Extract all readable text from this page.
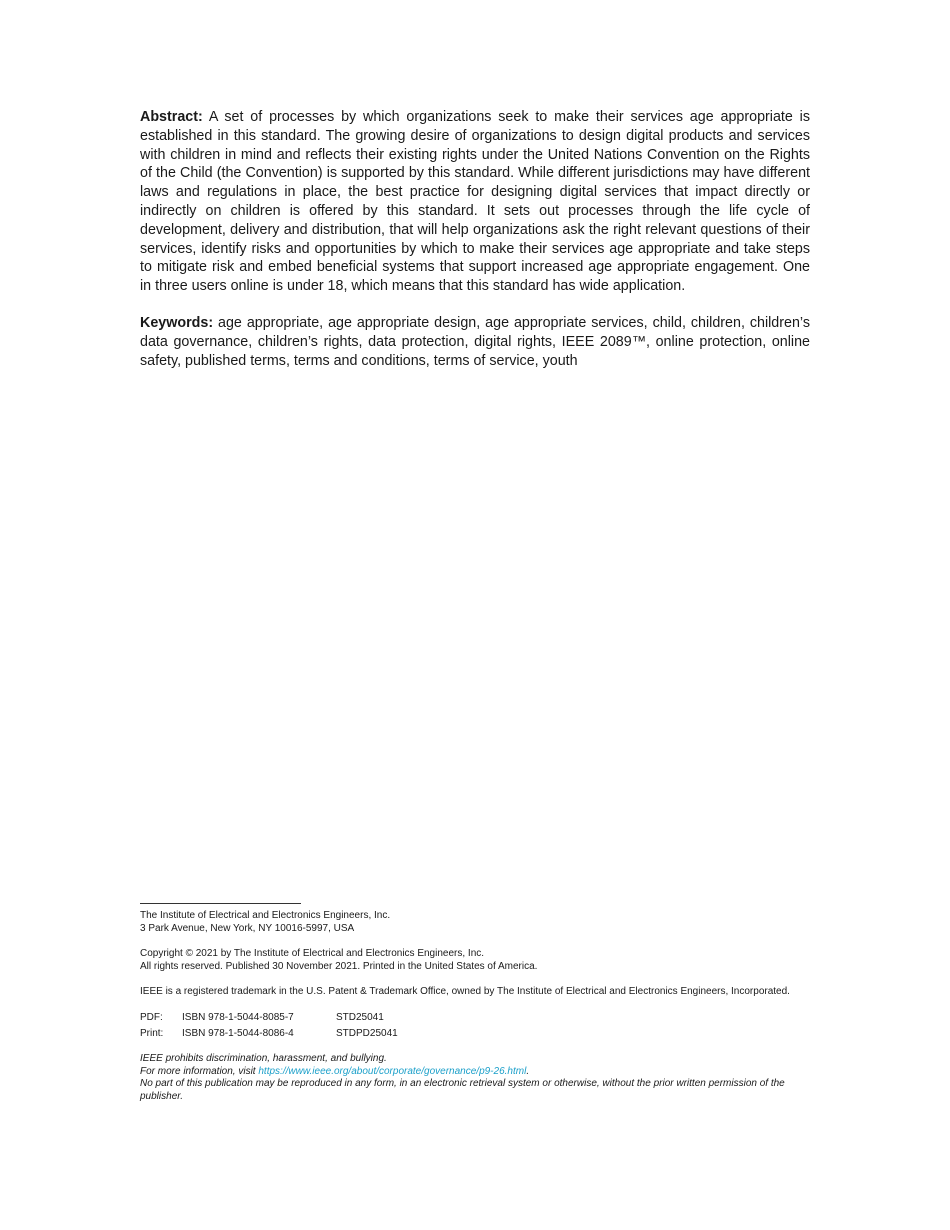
Abstract: A set of processes by which organizations seek to make their services age appropriate is established in this standard. The growing desire of organizations to design digital products and services with children in mind and reflects their existing rights under the United Nations Convention on the Rights of the Child (the Convention) is supported by this standard. While different jurisdictions may have different laws and regulations in place, the best practice for designing digital services that impact directly or indirectly on children is offered by this standard. It sets out processes through the life cycle of development, delivery and distribution, that will help organizations ask the right relevant questions of their services, identify risks and opportunities by which to make their services age appropriate and take steps to mitigate risk and embed beneficial systems that support increased age appropriate engagement. One in three users online is under 18, which means that this standard has wide application.

Keywords: age appropriate, age appropriate design, age appropriate services, child, children, children’s data governance, children’s rights, data protection, digital rights, IEEE 2089™, online protection, online safety, published terms, terms and conditions, terms of service, youth

The Institute of Electrical and Electronics Engineers, Inc.

3 Park Avenue, New York, NY 10016-5997, USA

Copyright © 2021 by The Institute of Electrical and Electronics Engineers, Inc.

All rights reserved. Published 30 November 2021. Printed in the United States of America.

IEEE is a registered trademark in the U.S. Patent & Trademark Office, owned by The Institute of Electrical and Electronics Engineers, Incorporated.

PDF:	ISBN 978-1-5044-8085-7	STD25041
Print:	ISBN 978-1-5044-8086-4	STDPD25041

IEEE prohibits discrimination, harassment, and bullying.

For more information, visit https://www.ieee.org/about/corporate/governance/p9-26.html.

No part of this publication may be reproduced in any form, in an electronic retrieval system or otherwise, without the prior written permission of the publisher.
